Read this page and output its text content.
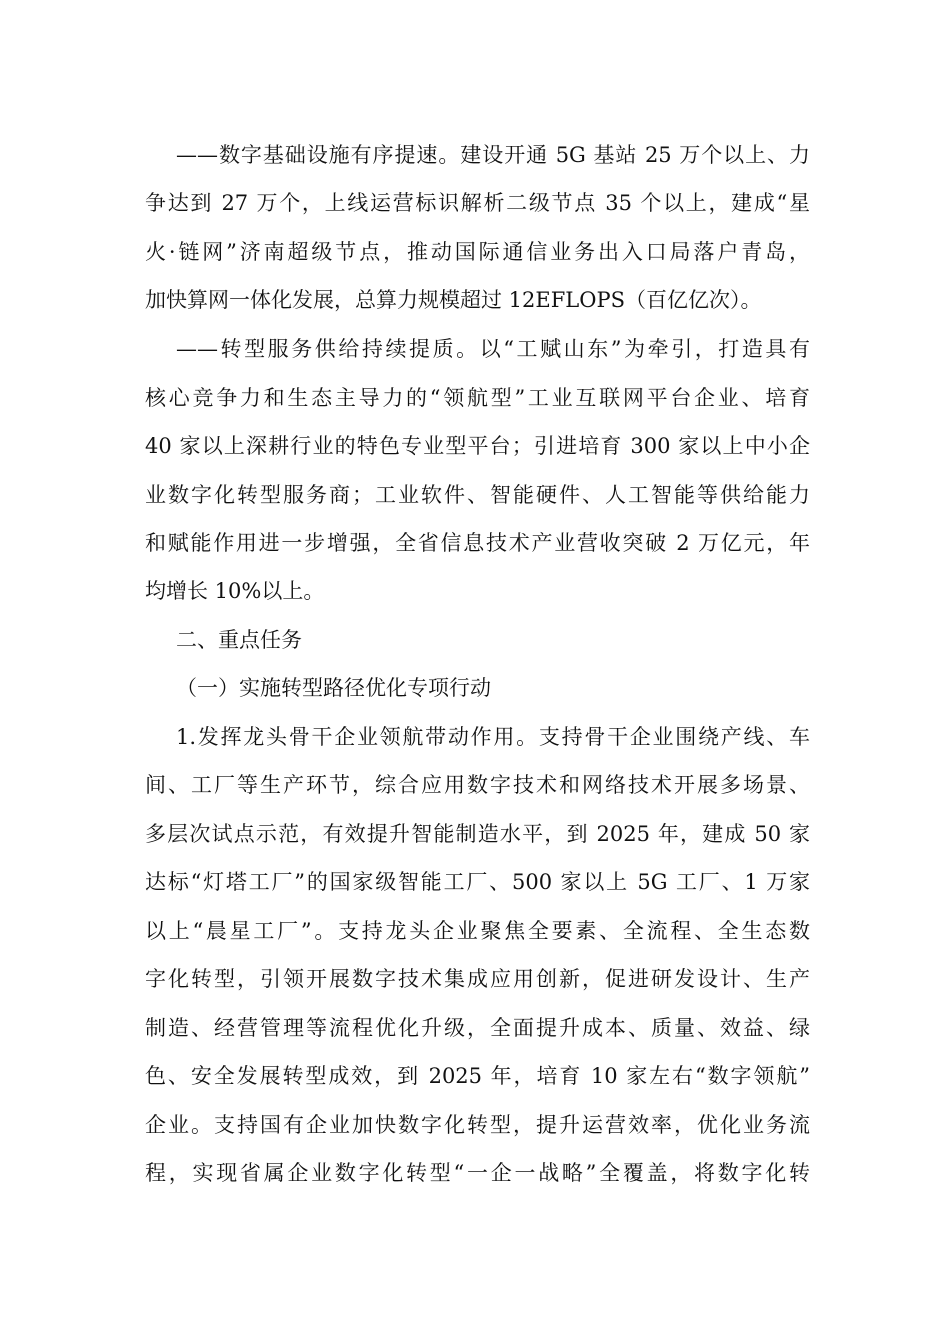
——数字基础设施有序提速。建设开通 5G 基站 25 万个以上、力
争达到 27 万个，上线运营标识解析二级节点 35 个以上，建成“星
火·链网”济南超级节点，推动国际通信业务出入口局落户青岛，
加快算网一体化发展，总算力规模超过 12EFLOPS（百亿亿次）。
——转型服务供给持续提质。以“工赋山东”为牵引，打造具有
核心竞争力和生态主导力的“领航型”工业互联网平台企业、培育
40 家以上深耕行业的特色专业型平台；引进培育 300 家以上中小企
业数字化转型服务商；工业软件、智能硬件、人工智能等供给能力
和赋能作用进一步增强，全省信息技术产业营收突破 2 万亿元，年
均增长 10%以上。
二、重点任务
（一）实施转型路径优化专项行动
1.发挥龙头骨干企业领航带动作用。支持骨干企业围绕产线、车
间、工厂等生产环节，综合应用数字技术和网络技术开展多场景、
多层次试点示范，有效提升智能制造水平，到 2025 年，建成 50 家
达标“灯塔工厂”的国家级智能工厂、500 家以上 5G 工厂、1 万家
以上“晨星工厂”。支持龙头企业聚焦全要素、全流程、全生态数
字化转型，引领开展数字技术集成应用创新，促进研发设计、生产
制造、经营管理等流程优化升级，全面提升成本、质量、效益、绿
色、安全发展转型成效，到 2025 年，培育 10 家左右“数字领航”
企业。支持国有企业加快数字化转型，提升运营效率，优化业务流
程，实现省属企业数字化转型“一企一战略”全覆盖，将数字化转
